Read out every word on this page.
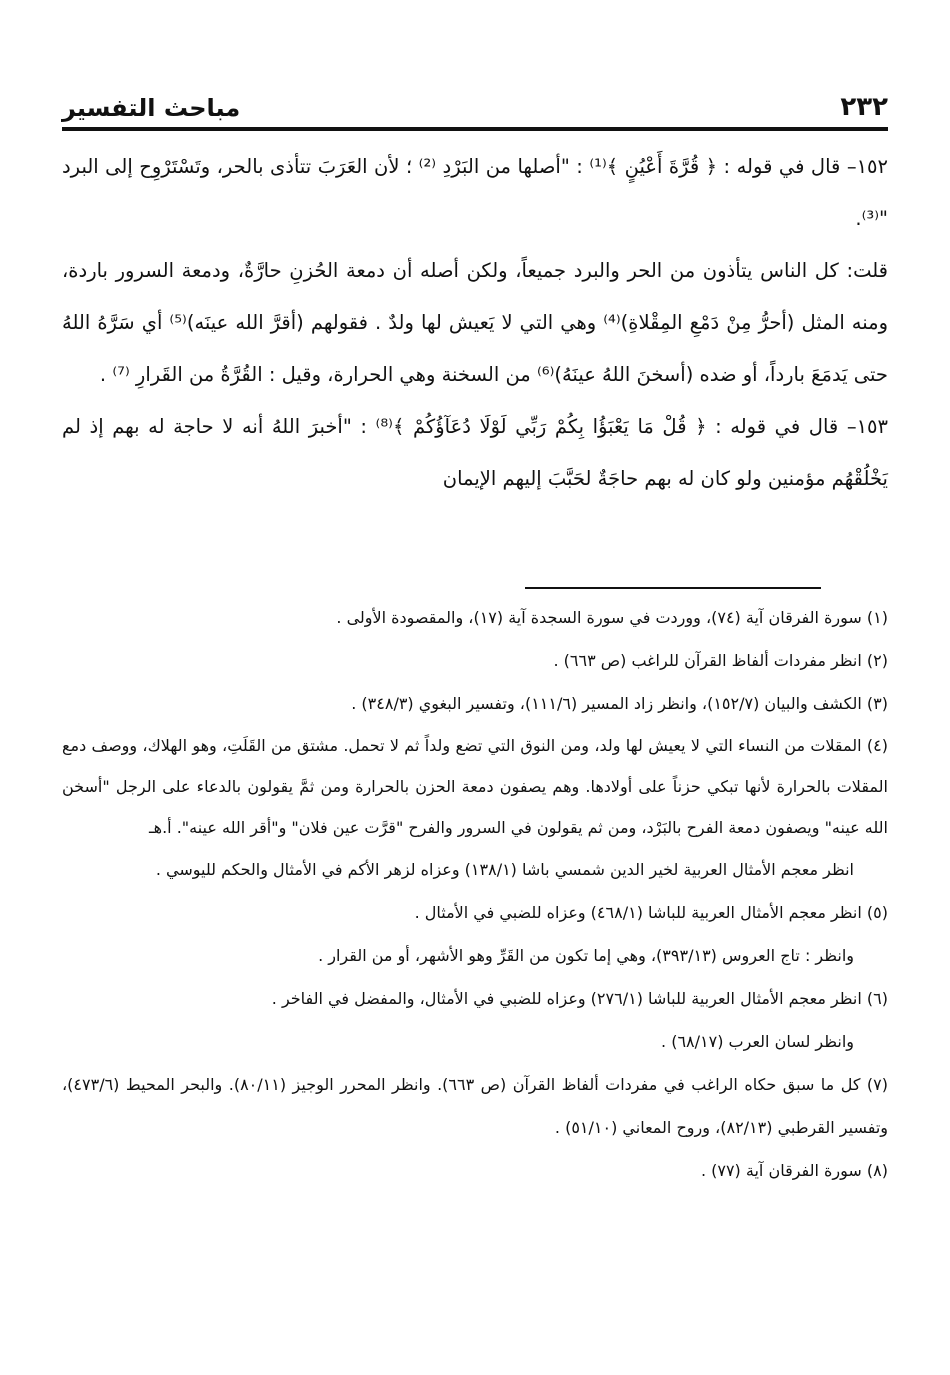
٢٣٢
مباحث التفسير

١٥٢– قال في قوله : ﴿ قُرَّةَ أَعْيُنٍ ﴾⁽¹⁾ : "أصلها من البَرْدِ ⁽²⁾ ؛ لأن العَرَبَ تتأذى بالحر، وتَسْتَرْوِح إلى البرد "⁽³⁾.

قلت: كل الناس يتأذون من الحر والبرد جميعاً، ولكن أصله أن دمعة الحُزنِ حارَّةٌ، ودمعة السرور باردة، ومنه المثل (أحرُّ مِنْ دَمْعِ المِقْلاةِ)⁽⁴⁾ وهي التي لا يَعيش لها ولدٌ . فقولهم (أقرَّ الله عينَه)⁽⁵⁾ أي سَرَّهُ اللهُ حتى يَدمَعَ بارداً، أو ضده (أسخنَ اللهُ عينَهُ)⁽⁶⁾ من السخنة وهي الحرارة، وقيل : القُرَّةُ من القَرارِ ⁽⁷⁾ .

١٥٣– قال في قوله : ﴿ قُلْ مَا يَعْبَؤُا بِكُمْ رَبِّي لَوْلَا دُعَآؤُكُمْ ﴾⁽⁸⁾ : "أخبرَ اللهُ أنه لا حاجة له بهم إذ لم يَخْلُقْهُم مؤمنين ولو كان له بهم حاجَةٌ لحَبَّبَ إليهم الإيمان

(١) سورة الفرقان آية (٧٤)، ووردت في سورة السجدة آية (١٧)، والمقصودة الأولى .

(٢) انظر مفردات ألفاظ القرآن للراغب (ص ٦٦٣) .

(٣) الكشف والبيان (١٥٢/٧)، وانظر زاد المسير (١١١/٦)، وتفسير البغوي (٣٤٨/٣) .

(٤) المقلات من النساء التي لا يعيش لها ولد، ومن النوق التي تضع ولداً ثم لا تحمل. مشتق من القَلَتِ، وهو الهلاك، ووصف دمع المقلات بالحرارة لأنها تبكي حزناً على أولادها. وهم يصفون دمعة الحزن بالحرارة ومن ثمَّ يقولون بالدعاء على الرجل "أسخن الله عينه" ويصفون دمعة الفرح بالبَرْد، ومن ثم يقولون في السرور والفرح "قرَّت عين فلان" و"أقر الله عينه". أ.هـ

انظر معجم الأمثال العربية لخير الدين شمسي باشا (١٣٨/١) وعزاه لزهر الأكم في الأمثال والحكم لليوسي .

(٥) انظر معجم الأمثال العربية للباشا (٤٦٨/١) وعزاه للضبي في الأمثال .

وانظر : تاج العروس (٣٩٣/١٣)، وهي إما تكون من القَرِّ وهو الأشهر، أو من القرار .

(٦) انظر معجم الأمثال العربية للباشا (٢٧٦/١) وعزاه للضبي في الأمثال، والمفضل في الفاخر .

وانظر لسان العرب (٦٨/١٧) .

(٧) كل ما سبق حكاه الراغب في مفردات ألفاظ القرآن (ص ٦٦٣). وانظر المحرر الوجيز (٨٠/١١). والبحر المحيط (٤٧٣/٦)، وتفسير القرطبي (٨٢/١٣)، وروح المعاني (٥١/١٠) .

(٨) سورة الفرقان آية (٧٧) .
